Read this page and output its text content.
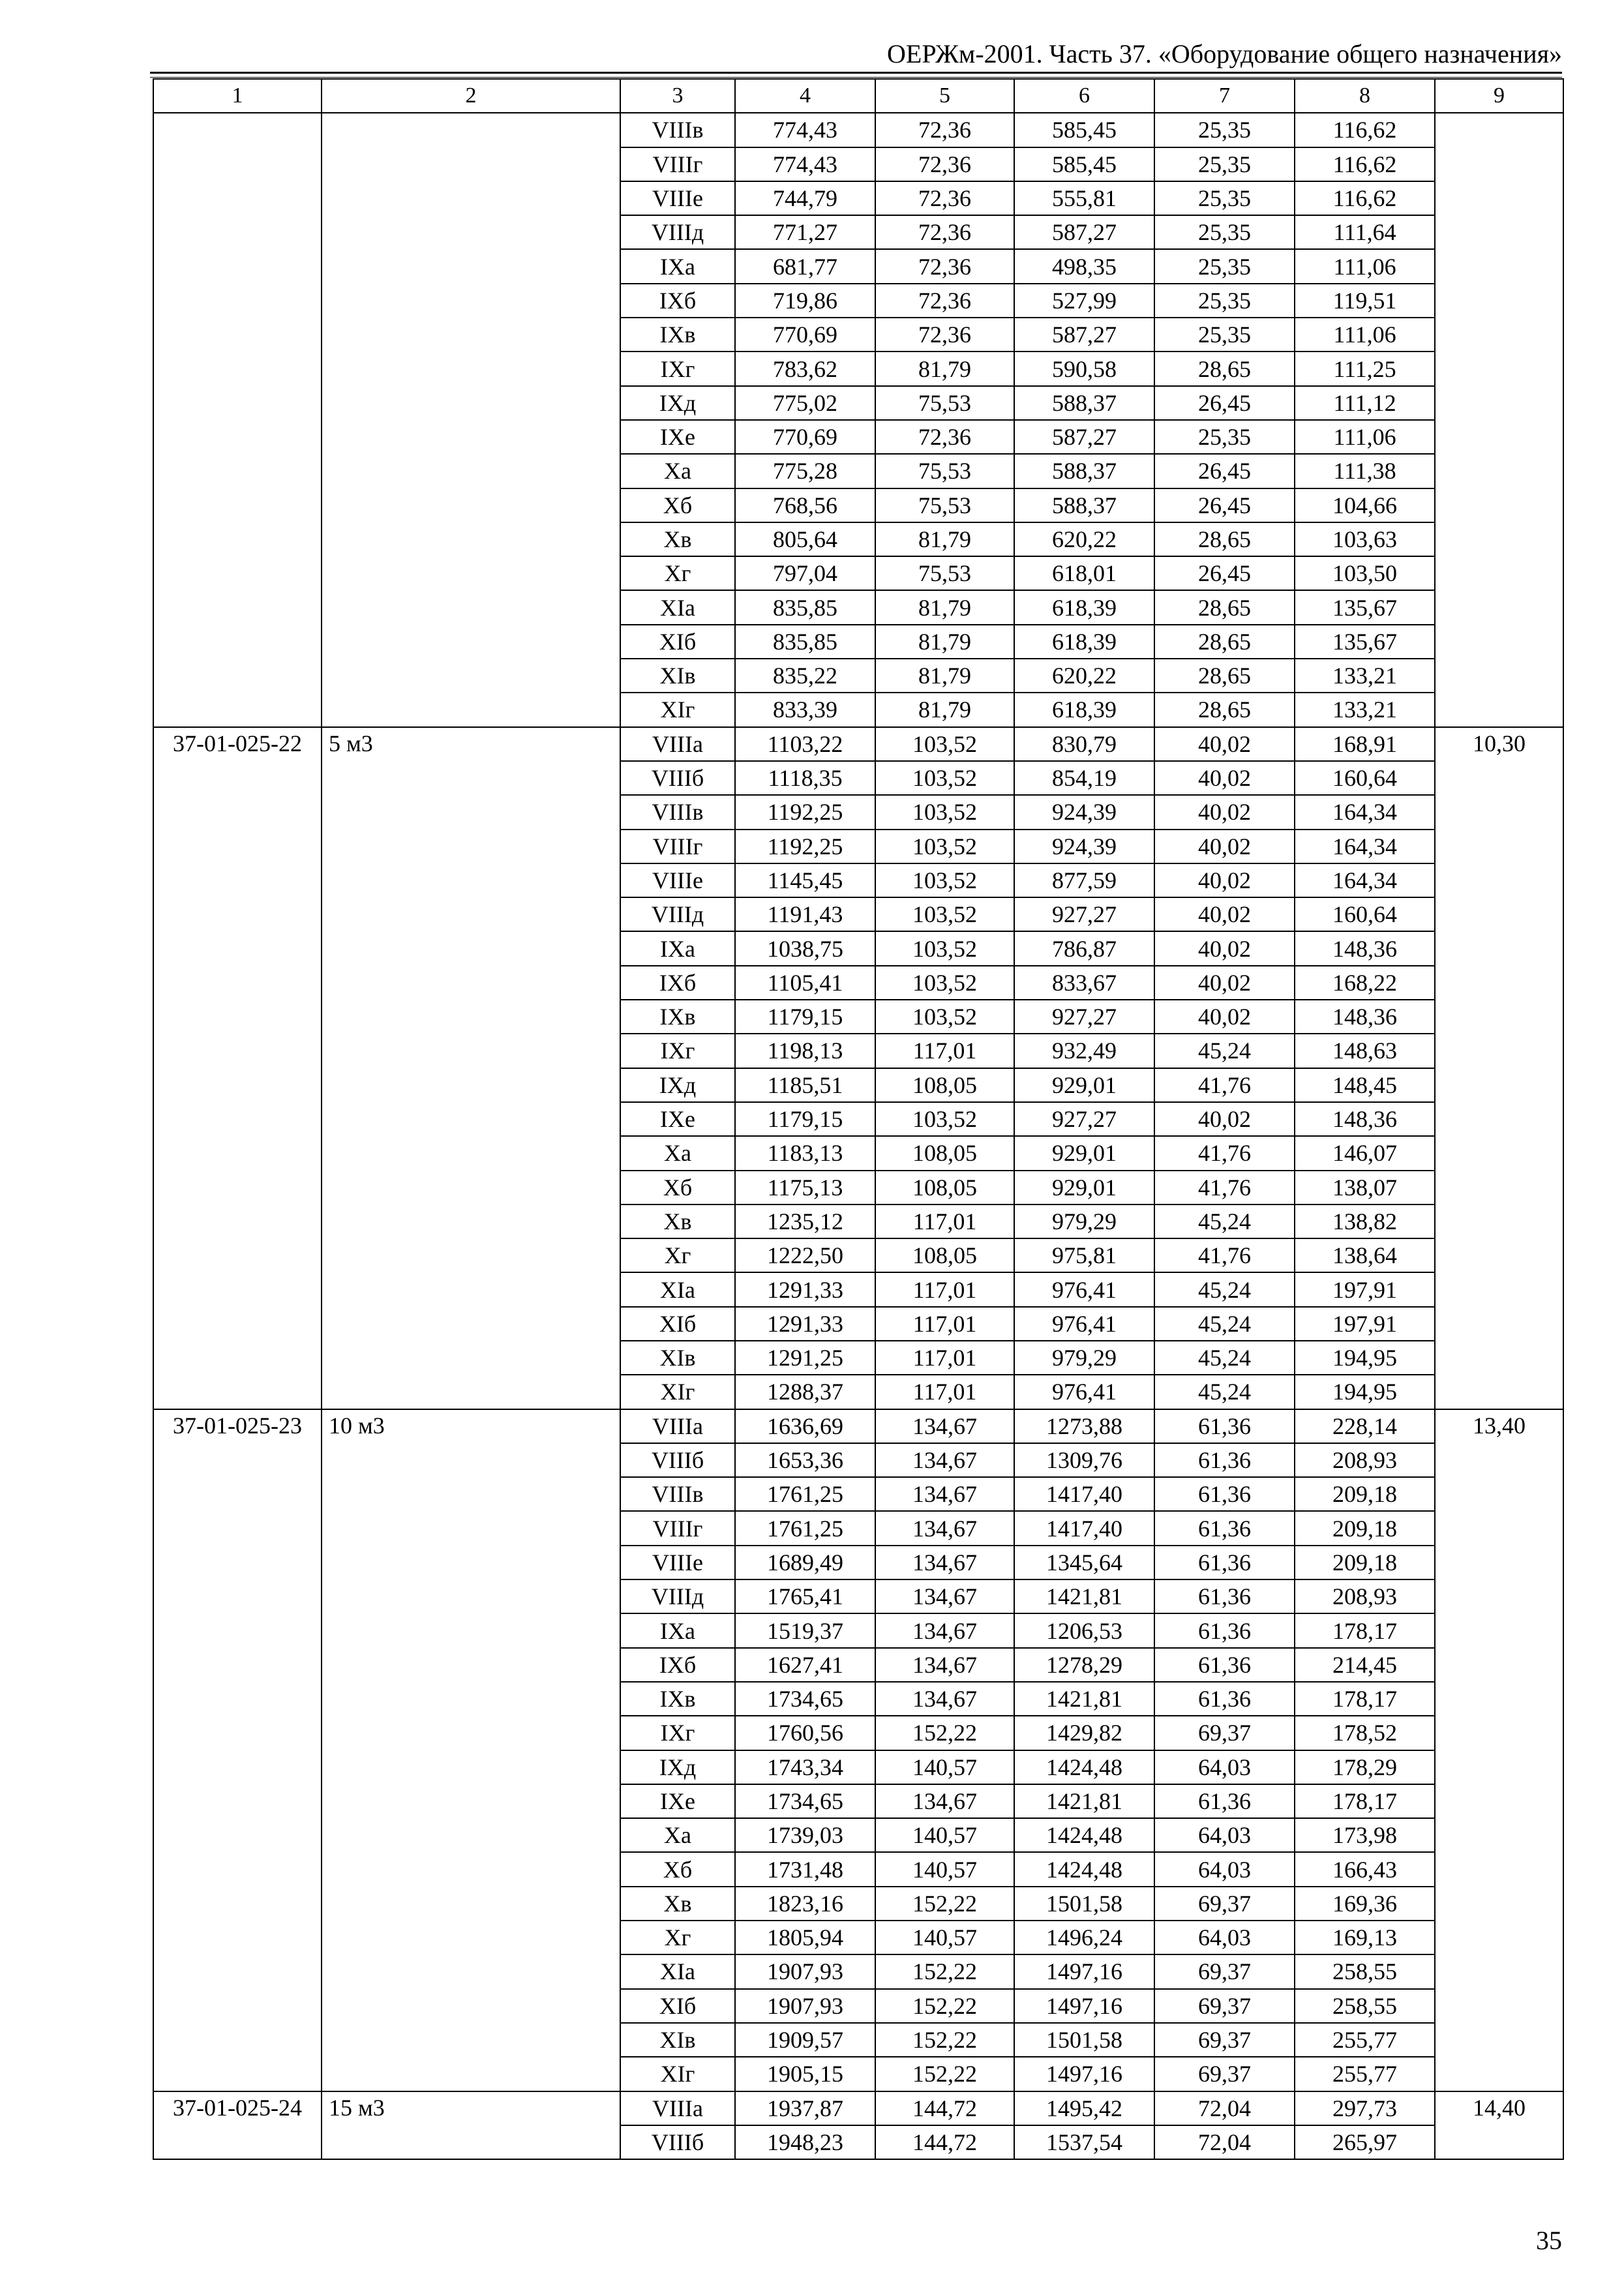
ОЕРЖм-2001. Часть 37. «Оборудование общего назначения»
1	2	3	4	5	6	7	8	9
		VIIIв	774,43	72,36	585,45	25,35	116,62	
		VIIIг	774,43	72,36	585,45	25,35	116,62	
		VIIIе	744,79	72,36	555,81	25,35	116,62	
		VIIIд	771,27	72,36	587,27	25,35	111,64	
		IXа	681,77	72,36	498,35	25,35	111,06	
		IXб	719,86	72,36	527,99	25,35	119,51	
		IXв	770,69	72,36	587,27	25,35	111,06	
		IXг	783,62	81,79	590,58	28,65	111,25	
		IXд	775,02	75,53	588,37	26,45	111,12	
		IXе	770,69	72,36	587,27	25,35	111,06	
		Xа	775,28	75,53	588,37	26,45	111,38	
		Xб	768,56	75,53	588,37	26,45	104,66	
		Xв	805,64	81,79	620,22	28,65	103,63	
		Xг	797,04	75,53	618,01	26,45	103,50	
		XIа	835,85	81,79	618,39	28,65	135,67	
		XIб	835,85	81,79	618,39	28,65	135,67	
		XIв	835,22	81,79	620,22	28,65	133,21	
		XIг	833,39	81,79	618,39	28,65	133,21	
37-01-025-22	5 м3	VIIIа	1103,22	103,52	830,79	40,02	168,91	10,30
		VIIIб	1118,35	103,52	854,19	40,02	160,64	
		VIIIв	1192,25	103,52	924,39	40,02	164,34	
		VIIIг	1192,25	103,52	924,39	40,02	164,34	
		VIIIе	1145,45	103,52	877,59	40,02	164,34	
		VIIIд	1191,43	103,52	927,27	40,02	160,64	
		IXа	1038,75	103,52	786,87	40,02	148,36	
		IXб	1105,41	103,52	833,67	40,02	168,22	
		IXв	1179,15	103,52	927,27	40,02	148,36	
		IXг	1198,13	117,01	932,49	45,24	148,63	
		IXд	1185,51	108,05	929,01	41,76	148,45	
		IXе	1179,15	103,52	927,27	40,02	148,36	
		Xа	1183,13	108,05	929,01	41,76	146,07	
		Xб	1175,13	108,05	929,01	41,76	138,07	
		Xв	1235,12	117,01	979,29	45,24	138,82	
		Xг	1222,50	108,05	975,81	41,76	138,64	
		XIа	1291,33	117,01	976,41	45,24	197,91	
		XIб	1291,33	117,01	976,41	45,24	197,91	
		XIв	1291,25	117,01	979,29	45,24	194,95	
		XIг	1288,37	117,01	976,41	45,24	194,95	
37-01-025-23	10 м3	VIIIа	1636,69	134,67	1273,88	61,36	228,14	13,40
		VIIIб	1653,36	134,67	1309,76	61,36	208,93	
		VIIIв	1761,25	134,67	1417,40	61,36	209,18	
		VIIIг	1761,25	134,67	1417,40	61,36	209,18	
		VIIIе	1689,49	134,67	1345,64	61,36	209,18	
		VIIIд	1765,41	134,67	1421,81	61,36	208,93	
		IXа	1519,37	134,67	1206,53	61,36	178,17	
		IXб	1627,41	134,67	1278,29	61,36	214,45	
		IXв	1734,65	134,67	1421,81	61,36	178,17	
		IXг	1760,56	152,22	1429,82	69,37	178,52	
		IXд	1743,34	140,57	1424,48	64,03	178,29	
		IXе	1734,65	134,67	1421,81	61,36	178,17	
		Xа	1739,03	140,57	1424,48	64,03	173,98	
		Xб	1731,48	140,57	1424,48	64,03	166,43	
		Xв	1823,16	152,22	1501,58	69,37	169,36	
		Xг	1805,94	140,57	1496,24	64,03	169,13	
		XIа	1907,93	152,22	1497,16	69,37	258,55	
		XIб	1907,93	152,22	1497,16	69,37	258,55	
		XIв	1909,57	152,22	1501,58	69,37	255,77	
		XIг	1905,15	152,22	1497,16	69,37	255,77	
37-01-025-24	15 м3	VIIIа	1937,87	144,72	1495,42	72,04	297,73	14,40
		VIIIб	1948,23	144,72	1537,54	72,04	265,97	
35
